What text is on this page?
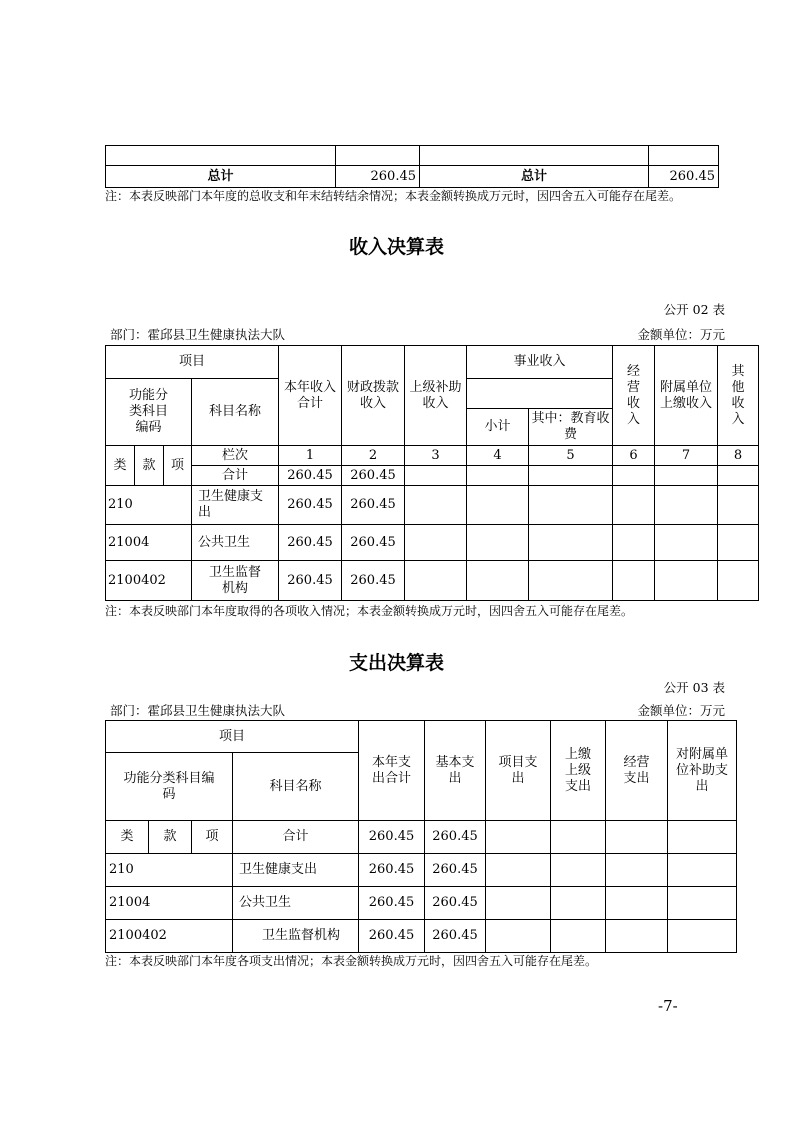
总计	260.45	总计	260.45
注：本表反映部门本年度的总收支和年末结转结余情况；本表金额转换成万元时，因四舍五入可能存在尾差。
收入决算表
公开 02 表
部门：霍邱县卫生健康执法大队	金额单位：万元
项目				本年收入合计	财政拨款收入	上级补助收入	事业收入		经营收入	附属单位上缴收入	其他收入
功能分类科目编码			科目名称								
							小计	其中：教育收费			
类	款	项	栏次	1	2	3	4	5	6	7	8
			合计	260.45	260.45						
210			卫生健康支出	260.45	260.45						
21004			公共卫生	260.45	260.45						
2100402			卫生监督机构	260.45	260.45						
注：本表反映部门本年度取得的各项收入情况；本表金额转换成万元时，因四舍五入可能存在尾差。
支出决算表
公开 03 表
部门：霍邱县卫生健康执法大队	金额单位：万元
项目				本年支出合计	基本支出	项目支出	上缴上级支出	经营支出	对附属单位补助支出
功能分类科目编码			科目名称						
类	款	项	合计	260.45	260.45				
210			卫生健康支出	260.45	260.45				
21004			公共卫生	260.45	260.45				
2100402			卫生监督机构	260.45	260.45				
注：本表反映部门本年度各项支出情况；本表金额转换成万元时，因四舍五入可能存在尾差。
-7-
